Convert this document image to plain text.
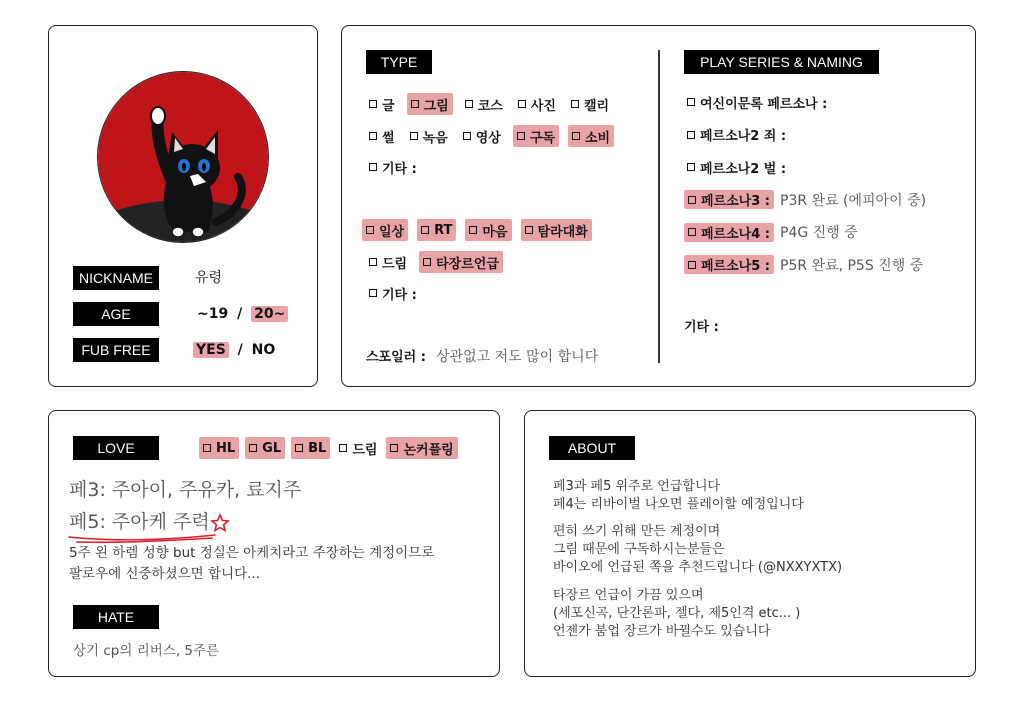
NICKNAME	유령
AGE	~19 / 20~
FUB FREE	YES / NO
TYPE
글 그림 코스 사진 캘리
썰 녹음 영상 구독 소비
기타 :
일상 RT 마음 탐라대화
드림 타장르언급
기타 :
스포일러 : 상관없고 저도 많이 합니다
PLAY SERIES & NAMING
여신이문록 페르소나 :
페르소나2 죄 :
페르소나2 벌 :
페르소나3 : P3R 완료 (에피아이 중)
페르소나4 : P4G 진행 중
페르소나5 : P5R 완료, P5S 진행 중
기타 :
LOVE	HL GL BL 드림 논커플링
페3: 주아이, 주유카, 료지주
페5: 주아케 주력
5주 왼 하렘 성향 but 정실은 아케치라고 주장하는 계정이므로
팔로우에 신중하셨으면 합니다...
HATE
상기 cp의 리버스, 5주른
ABOUT
페3과 페5 위주로 언급합니다
페4는 리바이벌 나오면 플레이할 예정입니다
편히 쓰기 위해 만든 계정이며
그림 때문에 구독하시는분들은
바이오에 언급된 쪽을 추천드립니다 (@NXXYXTX)
타장르 언급이 가끔 있으며
(세포신곡, 단간론파, 젤다, 제5인격 etc... )
언젠가 붐업 장르가 바뀔수도 있습니다
